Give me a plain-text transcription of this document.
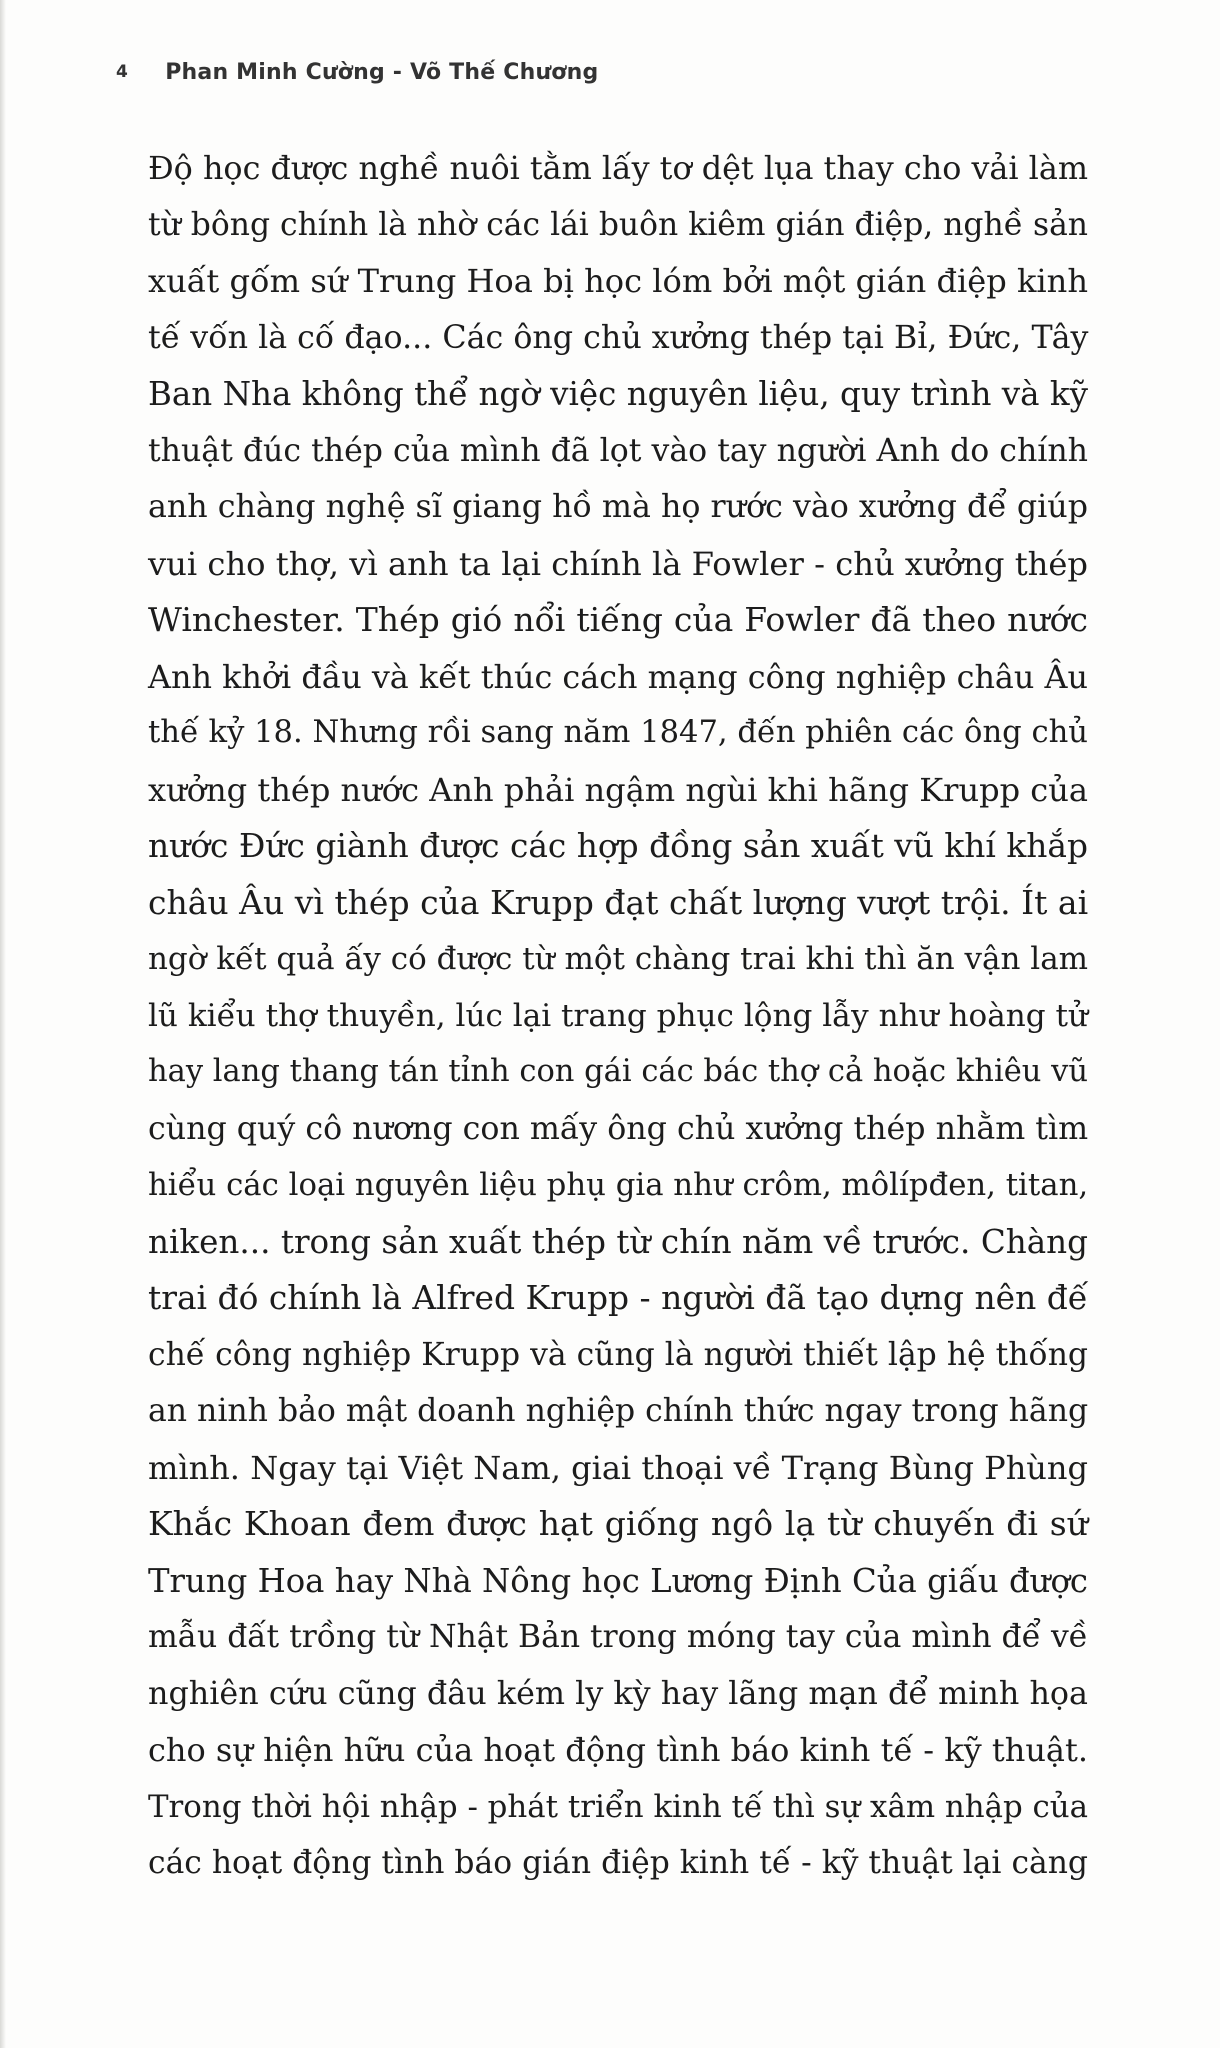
4 Phan Minh Cường - Võ Thế Chương
Độ học được nghề nuôi tằm lấy tơ dệt lụa thay cho vải làm
từ bông chính là nhờ các lái buôn kiêm gián điệp, nghề sản
xuất gốm sứ Trung Hoa bị học lóm bởi một gián điệp kinh
tế vốn là cố đạo... Các ông chủ xưởng thép tại Bỉ, Đức, Tây
Ban Nha không thể ngờ việc nguyên liệu, quy trình và kỹ
thuật đúc thép của mình đã lọt vào tay người Anh do chính
anh chàng nghệ sĩ giang hồ mà họ rước vào xưởng để giúp
vui cho thợ, vì anh ta lại chính là Fowler - chủ xưởng thép
Winchester. Thép gió nổi tiếng của Fowler đã theo nước
Anh khởi đầu và kết thúc cách mạng công nghiệp châu Âu
thế kỷ 18. Nhưng rồi sang năm 1847, đến phiên các ông chủ
xưởng thép nước Anh phải ngậm ngùi khi hãng Krupp của
nước Đức giành được các hợp đồng sản xuất vũ khí khắp
châu Âu vì thép của Krupp đạt chất lượng vượt trội. Ít ai
ngờ kết quả ấy có được từ một chàng trai khi thì ăn vận lam
lũ kiểu thợ thuyền, lúc lại trang phục lộng lẫy như hoàng tử
hay lang thang tán tỉnh con gái các bác thợ cả hoặc khiêu vũ
cùng quý cô nương con mấy ông chủ xưởng thép nhằm tìm
hiểu các loại nguyên liệu phụ gia như crôm, môlípđen, titan,
niken... trong sản xuất thép từ chín năm về trước. Chàng
trai đó chính là Alfred Krupp - người đã tạo dựng nên đế
chế công nghiệp Krupp và cũng là người thiết lập hệ thống
an ninh bảo mật doanh nghiệp chính thức ngay trong hãng
mình. Ngay tại Việt Nam, giai thoại về Trạng Bùng Phùng
Khắc Khoan đem được hạt giống ngô lạ từ chuyến đi sứ
Trung Hoa hay Nhà Nông học Lương Định Của giấu được
mẫu đất trồng từ Nhật Bản trong móng tay của mình để về
nghiên cứu cũng đâu kém ly kỳ hay lãng mạn để minh họa
cho sự hiện hữu của hoạt động tình báo kinh tế - kỹ thuật.
Trong thời hội nhập - phát triển kinh tế thì sự xâm nhập của
các hoạt động tình báo gián điệp kinh tế - kỹ thuật lại càng
